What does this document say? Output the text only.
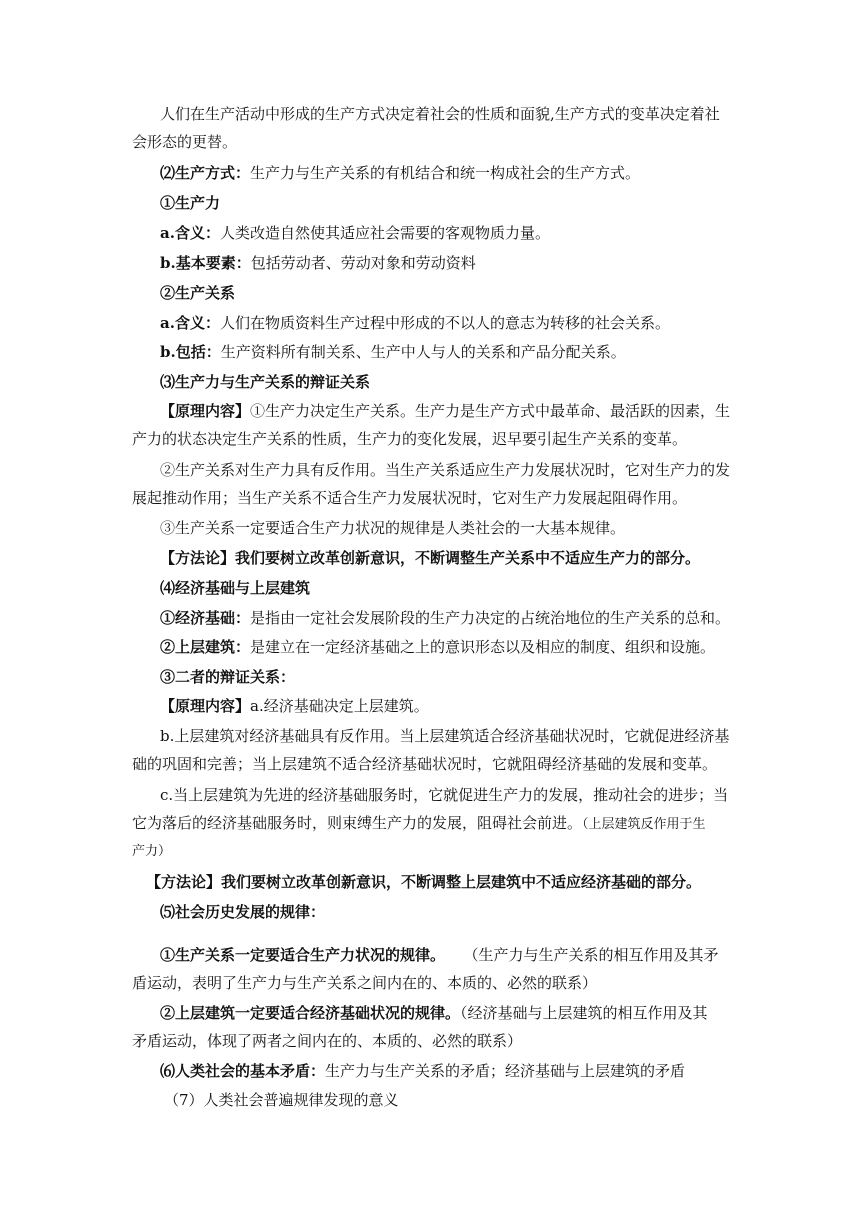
人们在生产活动中形成的生产方式决定着社会的性质和面貌,生产方式的变革决定着社
会形态的更替。
⑵生产方式：生产力与生产关系的有机结合和统一构成社会的生产方式。
①生产力
a.含义：人类改造自然使其适应社会需要的客观物质力量。
b.基本要素：包括劳动者、劳动对象和劳动资料
②生产关系
a.含义：人们在物质资料生产过程中形成的不以人的意志为转移的社会关系。
b.包括：生产资料所有制关系、生产中人与人的关系和产品分配关系。
⑶生产力与生产关系的辩证关系
【原理内容】①生产力决定生产关系。生产力是生产方式中最革命、最活跃的因素，生
产力的状态决定生产关系的性质，生产力的变化发展，迟早要引起生产关系的变革。
②生产关系对生产力具有反作用。当生产关系适应生产力发展状况时，它对生产力的发
展起推动作用；当生产关系不适合生产力发展状况时，它对生产力发展起阻碍作用。
③生产关系一定要适合生产力状况的规律是人类社会的一大基本规律。
【方法论】我们要树立改革创新意识，不断调整生产关系中不适应生产力的部分。
⑷经济基础与上层建筑
①经济基础：是指由一定社会发展阶段的生产力决定的占统治地位的生产关系的总和。
②上层建筑：是建立在一定经济基础之上的意识形态以及相应的制度、组织和设施。
③二者的辩证关系：
【原理内容】a.经济基础决定上层建筑。
b.上层建筑对经济基础具有反作用。当上层建筑适合经济基础状况时，它就促进经济基
础的巩固和完善；当上层建筑不适合经济基础状况时，它就阻碍经济基础的发展和变革。
c.当上层建筑为先进的经济基础服务时，它就促进生产力的发展，推动社会的进步；当
它为落后的经济基础服务时，则束缚生产力的发展，阻碍社会前进。（上层建筑反作用于生
产力）
【方法论】我们要树立改革创新意识，不断调整上层建筑中不适应经济基础的部分。
⑸社会历史发展的规律：
①生产关系一定要适合生产力状况的规律。 （生产力与生产关系的相互作用及其矛
盾运动，表明了生产力与生产关系之间内在的、本质的、必然的联系）
②上层建筑一定要适合经济基础状况的规律。（经济基础与上层建筑的相互作用及其
矛盾运动，体现了两者之间内在的、本质的、必然的联系）
⑹人类社会的基本矛盾：生产力与生产关系的矛盾；经济基础与上层建筑的矛盾
（7）人类社会普遍规律发现的意义
